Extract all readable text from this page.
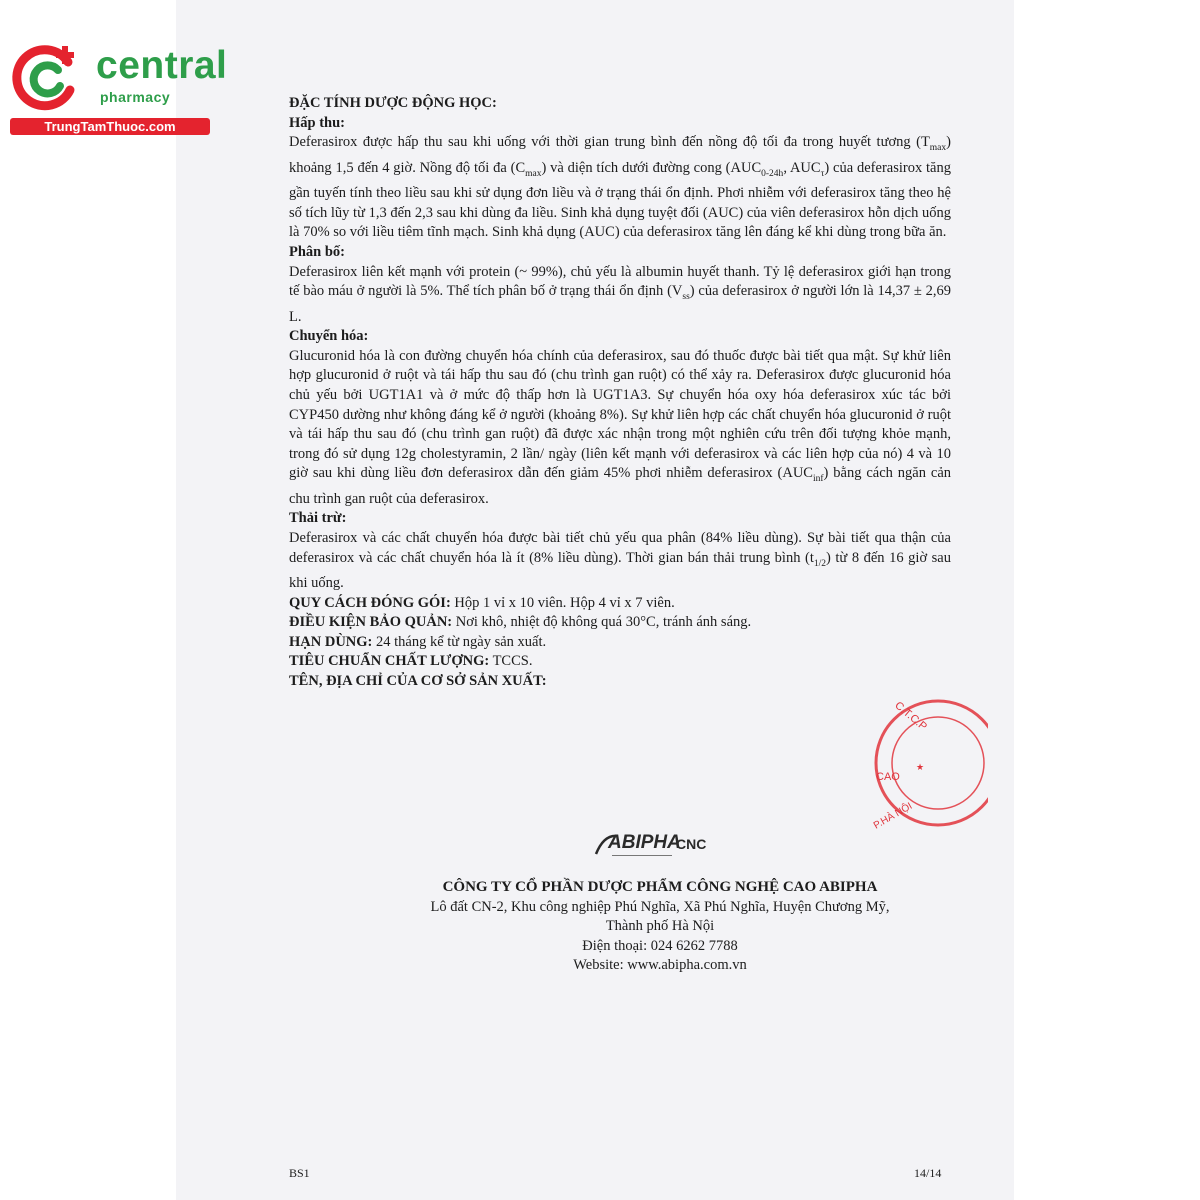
central
pharmacy
TrungTamThuoc.com

ĐẶC TÍNH DƯỢC ĐỘNG HỌC:

Hấp thu:

Deferasirox được hấp thu sau khi uống với thời gian trung bình đến nồng độ tối đa trong huyết tương $(T_{max})$ khoảng 1,5 đến 4 giờ. Nồng độ tối đa $(C_{max})$ và diện tích dưới đường cong ($AUC_{0-24h}$, $AUC_\tau$) của deferasirox tăng gần tuyến tính theo liều sau khi sử dụng đơn liều và ở trạng thái ổn định. Phơi nhiễm với deferasirox tăng theo hệ số tích lũy từ 1,3 đến 2,3 sau khi dùng đa liều. Sinh khả dụng tuyệt đối (AUC) của viên deferasirox hỗn dịch uống là 70% so với liều tiêm tĩnh mạch. Sinh khả dụng (AUC) của deferasirox tăng lên đáng kể khi dùng trong bữa ăn.

Phân bố:

Deferasirox liên kết mạnh với protein (~ 99%), chủ yếu là albumin huyết thanh. Tỷ lệ deferasirox giới hạn trong tế bào máu ở người là 5%. Thể tích phân bố ở trạng thái ổn định $(V_{ss})$ của deferasirox ở người lớn là 14,37 ± 2,69 L.

Chuyển hóa:

Glucuronid hóa là con đường chuyển hóa chính của deferasirox, sau đó thuốc được bài tiết qua mật. Sự khử liên hợp glucuronid ở ruột và tái hấp thu sau đó (chu trình gan ruột) có thể xảy ra. Deferasirox được glucuronid hóa chủ yếu bởi UGT1A1 và ở mức độ thấp hơn là UGT1A3. Sự chuyển hóa oxy hóa deferasirox xúc tác bởi CYP450 dường như không đáng kể ở người (khoảng 8%). Sự khử liên hợp các chất chuyển hóa glucuronid ở ruột và tái hấp thu sau đó (chu trình gan ruột) đã được xác nhận trong một nghiên cứu trên đối tượng khỏe mạnh, trong đó sử dụng 12g cholestyramin, 2 lần/ ngày (liên kết mạnh với deferasirox và các liên hợp của nó) 4 và 10 giờ sau khi dùng liều đơn deferasirox dẫn đến giảm 45% phơi nhiễm deferasirox $(AUC_{inf})$ bằng cách ngăn cản chu trình gan ruột của deferasirox.

Thải trừ:

Deferasirox và các chất chuyển hóa được bài tiết chủ yếu qua phân (84% liều dùng). Sự bài tiết qua thận của deferasirox và các chất chuyển hóa là ít (8% liều dùng). Thời gian bán thải trung bình $(t_{1/2})$ từ 8 đến 16 giờ sau khi uống.

QUY CÁCH ĐÓNG GÓI: Hộp 1 vỉ x 10 viên. Hộp 4 vỉ x 7 viên.

ĐIỀU KIỆN BẢO QUẢN: Nơi khô, nhiệt độ không quá 30°C, tránh ánh sáng.

HẠN DÙNG: 24 tháng kể từ ngày sản xuất.

TIÊU CHUẨN CHẤT LƯỢNG: TCCS.

TÊN, ĐỊA CHỈ CỦA CƠ SỞ SẢN XUẤT:

ABIPHA
CNC
CÔNG TY CỔ PHẦN DƯỢC PHẨM CÔNG NGHỆ CAO ABIPHA
Lô đất CN-2, Khu công nghiệp Phú Nghĩa, Xã Phú Nghĩa, Huyện Chương Mỹ,
Thành phố Hà Nội
Điện thoại: 024 6262 7788
Website: www.abipha.com.vn
C.T.C.P
CAO
P.HÀ NỘI
★
BS1	14/14
